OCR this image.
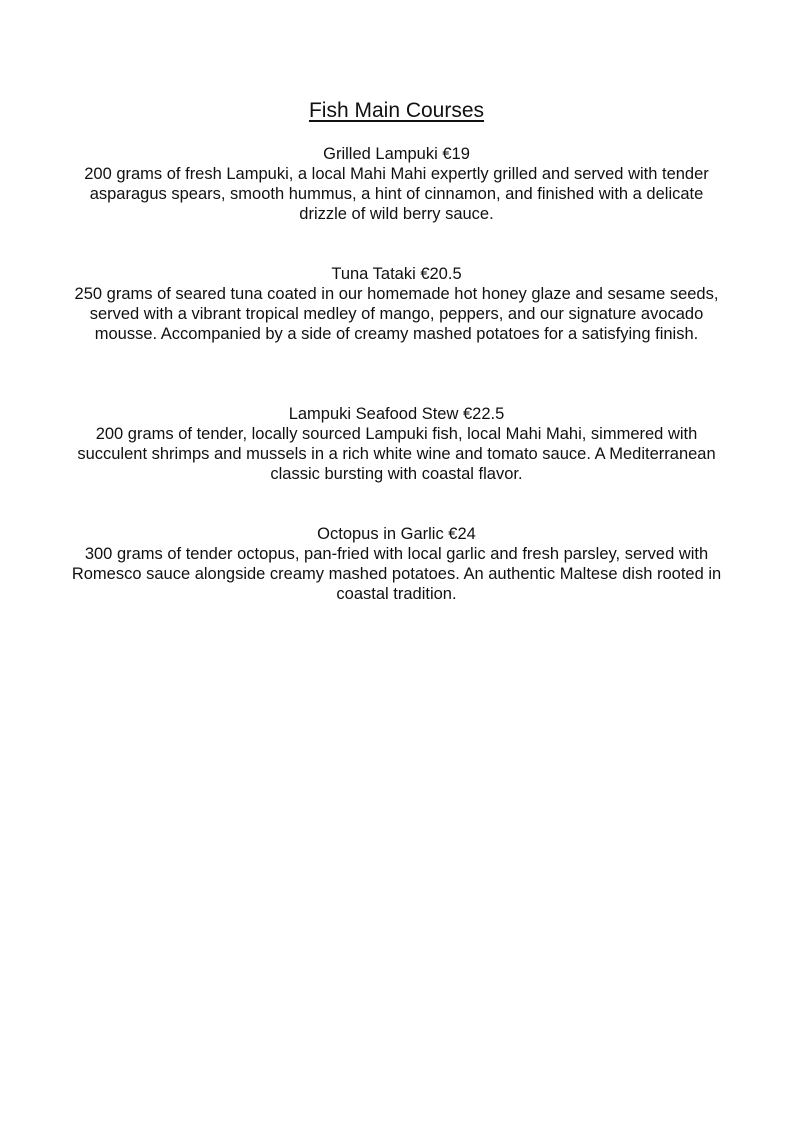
Fish Main Courses
Grilled Lampuki €19
200 grams of fresh Lampuki, a local Mahi Mahi expertly grilled and served with tender asparagus spears, smooth hummus, a hint of cinnamon, and finished with a delicate drizzle of wild berry sauce.
Tuna Tataki €20.5
250 grams of seared tuna coated in our homemade hot honey glaze and sesame seeds, served with a vibrant tropical medley of mango, peppers, and our signature avocado mousse. Accompanied by a side of creamy mashed potatoes for a satisfying finish.
Lampuki Seafood Stew €22.5
200 grams of tender, locally sourced Lampuki fish, local Mahi Mahi, simmered with succulent shrimps and mussels in a rich white wine and tomato sauce. A Mediterranean classic bursting with coastal flavor.
Octopus in Garlic €24
300 grams of tender octopus, pan-fried with local garlic and fresh parsley, served with Romesco sauce alongside creamy mashed potatoes. An authentic Maltese dish rooted in coastal tradition.
